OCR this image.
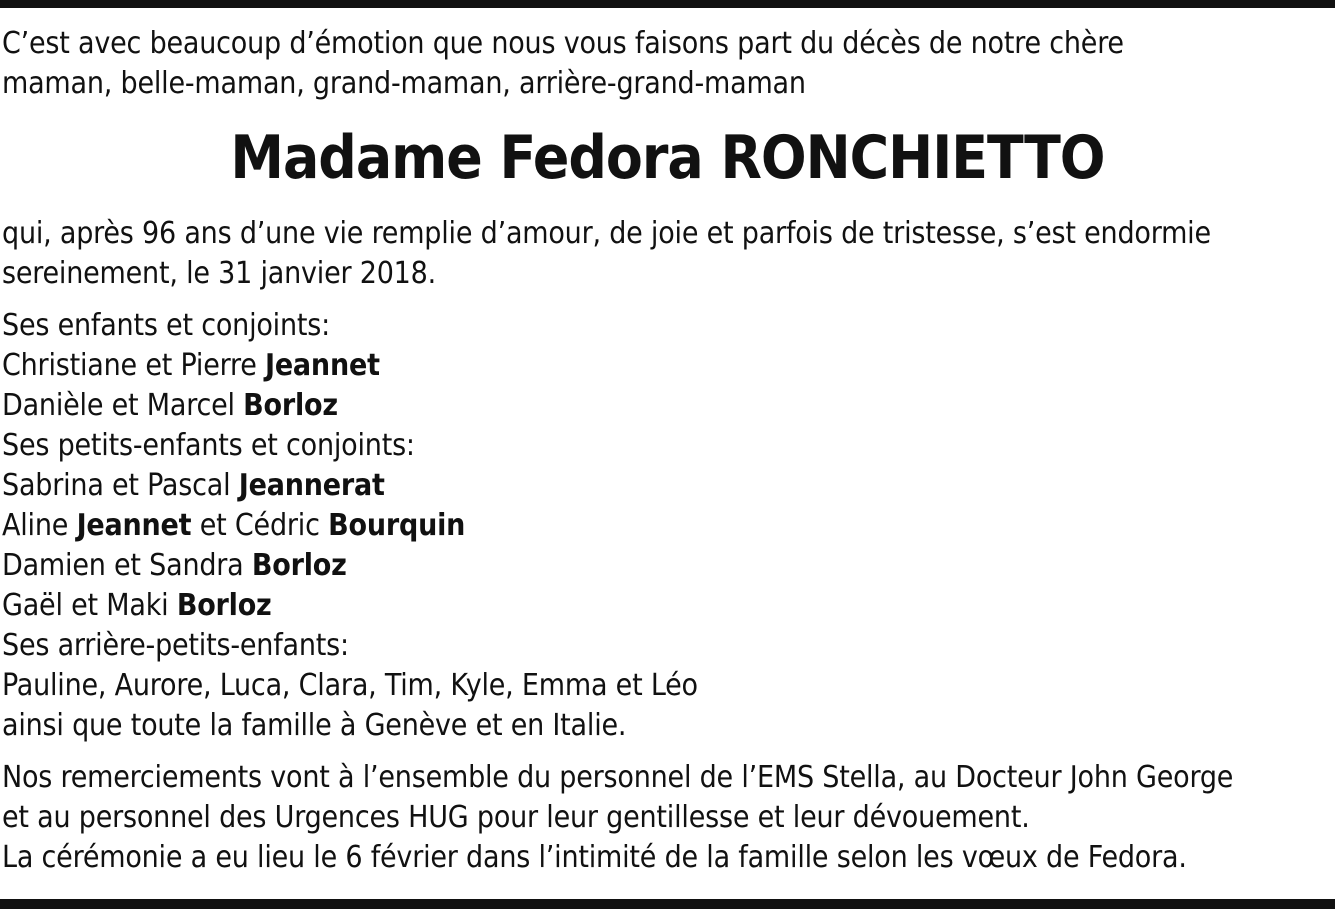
C’est avec beaucoup d’émotion que nous vous faisons part du décès de notre chère
maman, belle-maman, grand-maman, arrière-grand-maman
Madame Fedora RONCHIETTO
qui, après 96 ans d’une vie remplie d’amour, de joie et parfois de tristesse, s’est endormie
sereinement, le 31 janvier 2018.
Ses enfants et conjoints:
Christiane et Pierre Jeannet
Danièle et Marcel Borloz
Ses petits-enfants et conjoints:
Sabrina et Pascal Jeannerat
Aline Jeannet et Cédric Bourquin
Damien et Sandra Borloz
Gaël et Maki Borloz
Ses arrière-petits-enfants:
Pauline, Aurore, Luca, Clara, Tim, Kyle, Emma et Léo
ainsi que toute la famille à Genève et en Italie.
Nos remerciements vont à l’ensemble du personnel de l’EMS Stella, au Docteur John George
et au personnel des Urgences HUG pour leur gentillesse et leur dévouement.
La cérémonie a eu lieu le 6 février dans l’intimité de la famille selon les vœux de Fedora.
